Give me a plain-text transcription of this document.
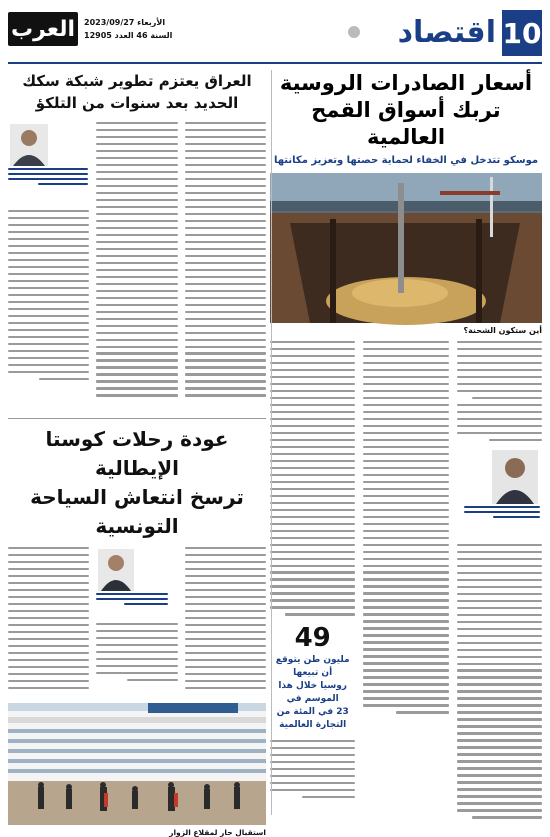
10
اقتصاد
العرب	الأربعاء 2023/09/27
السنة 46 العدد 12905
أسعار الصادرات الروسية
تربك أسواق القمح العالمية
موسكو تتدخل في الخفاء لحماية حصتها وتعزيز مكانتها
أين ستكون الشحنة؟
49
مليون طن يتوقع أن تبيعها
روسيا خلال هذا الموسم في
23 في المئة من التجارة العالمية
العراق يعتزم تطوير شبكة سكك
الحديد بعد سنوات من التلكؤ
عودة رحلات كوستا الإيطالية
ترسخ انتعاش السياحة التونسية
استقبال حار لمقلاع الزوار
